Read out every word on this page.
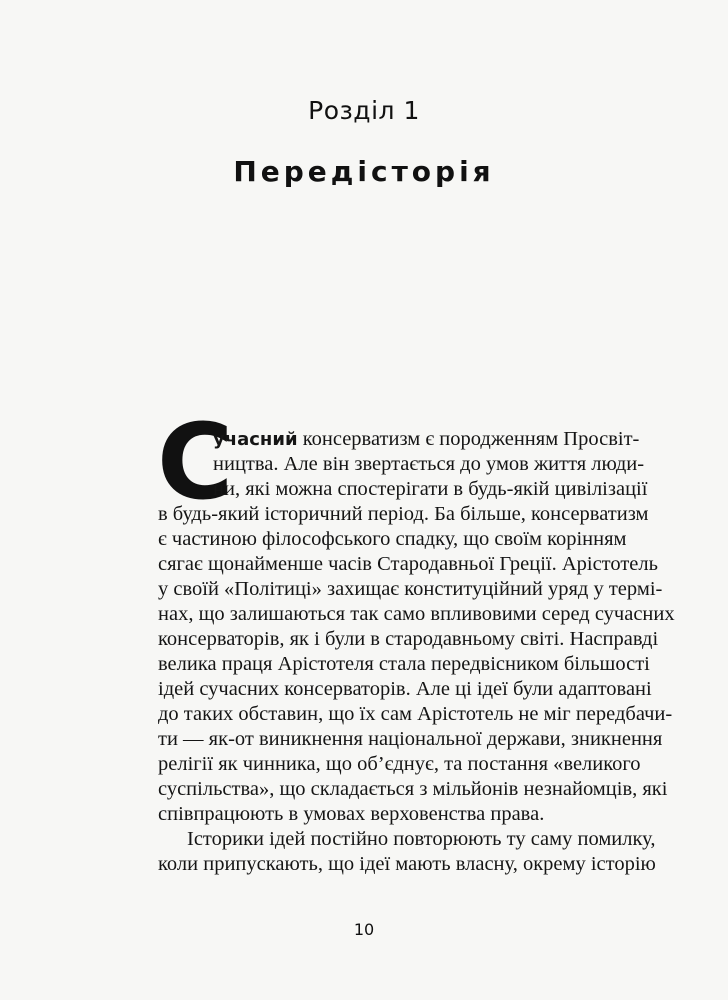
Розділ 1
Передісторія
С
учасний консерватизм є породженням Просвіт-
ництва. Але він звертається до умов життя люди-
ни, які можна спостерігати в будь-якій цивілізації
в будь-який історичний період. Ба більше, консерватизм
є частиною філософського спадку, що своїм корінням
сягає щонайменше часів Стародавньої Греції. Арістотель
у своїй «Політиці» захищає конституційний уряд у термі-
нах, що залишаються так само впливовими серед сучасних
консерваторів, як і були в стародавньому світі. Насправді
велика праця Арістотеля стала передвісником більшості
ідей сучасних консерваторів. Але ці ідеї були адаптовані
до таких обставин, що їх сам Арістотель не міг передбачи-
ти — як-от виникнення національної держави, зникнення
релігії як чинника, що об’єднує, та постання «великого
суспільства», що складається з мільйонів незнайомців, які
співпрацюють в умовах верховенства права.
Історики ідей постійно повторюють ту саму помилку,
коли припускають, що ідеї мають власну, окрему історію
10
